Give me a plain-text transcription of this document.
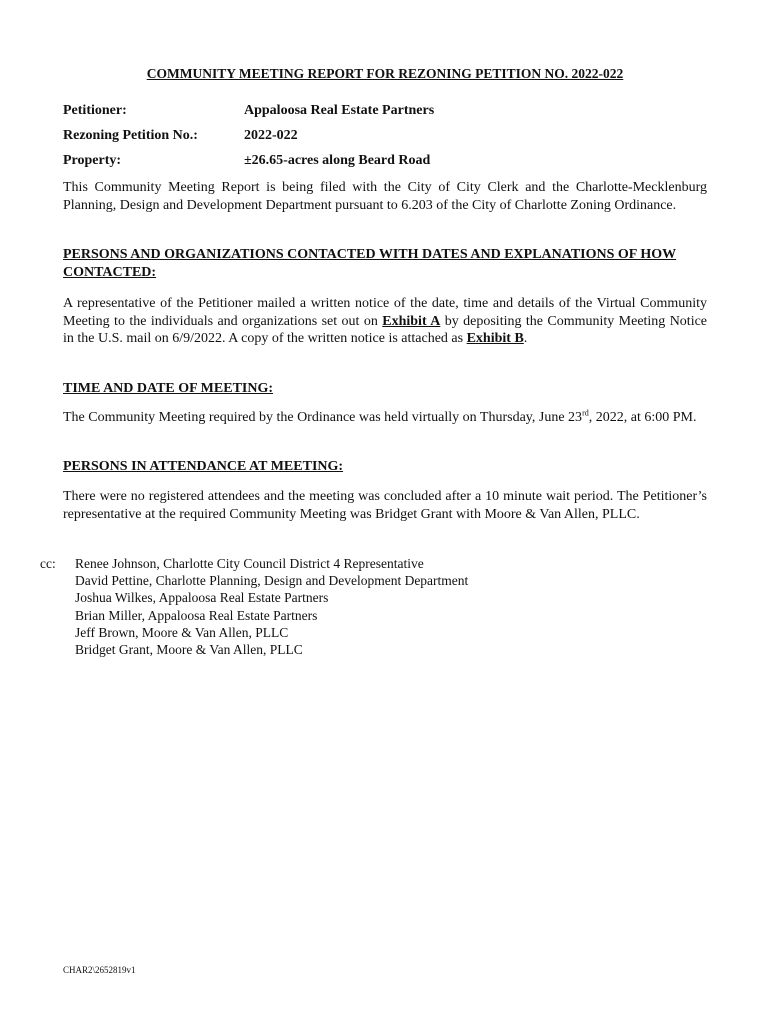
COMMUNITY MEETING REPORT FOR REZONING PETITION NO. 2022-022
Petitioner:	Appaloosa Real Estate Partners
Rezoning Petition No.:	2022-022
Property:	±26.65-acres along Beard Road
This Community Meeting Report is being filed with the City of City Clerk and the Charlotte-Mecklenburg Planning, Design and Development Department pursuant to 6.203 of the City of Charlotte Zoning Ordinance.
PERSONS AND ORGANIZATIONS CONTACTED WITH DATES AND EXPLANATIONS OF HOW CONTACTED:
A representative of the Petitioner mailed a written notice of the date, time and details of the Virtual Community Meeting to the individuals and organizations set out on Exhibit A by depositing the Community Meeting Notice in the U.S. mail on 6/9/2022. A copy of the written notice is attached as Exhibit B.
TIME AND DATE OF MEETING:
The Community Meeting required by the Ordinance was held virtually on Thursday, June 23rd, 2022, at 6:00 PM.
PERSONS IN ATTENDANCE AT MEETING:
There were no registered attendees and the meeting was concluded after a 10 minute wait period. The Petitioner’s representative at the required Community Meeting was Bridget Grant with Moore & Van Allen, PLLC.
cc: Renee Johnson, Charlotte City Council District 4 Representative
David Pettine, Charlotte Planning, Design and Development Department
Joshua Wilkes, Appaloosa Real Estate Partners
Brian Miller, Appaloosa Real Estate Partners
Jeff Brown, Moore & Van Allen, PLLC
Bridget Grant, Moore & Van Allen, PLLC
CHAR2\2652819v1
